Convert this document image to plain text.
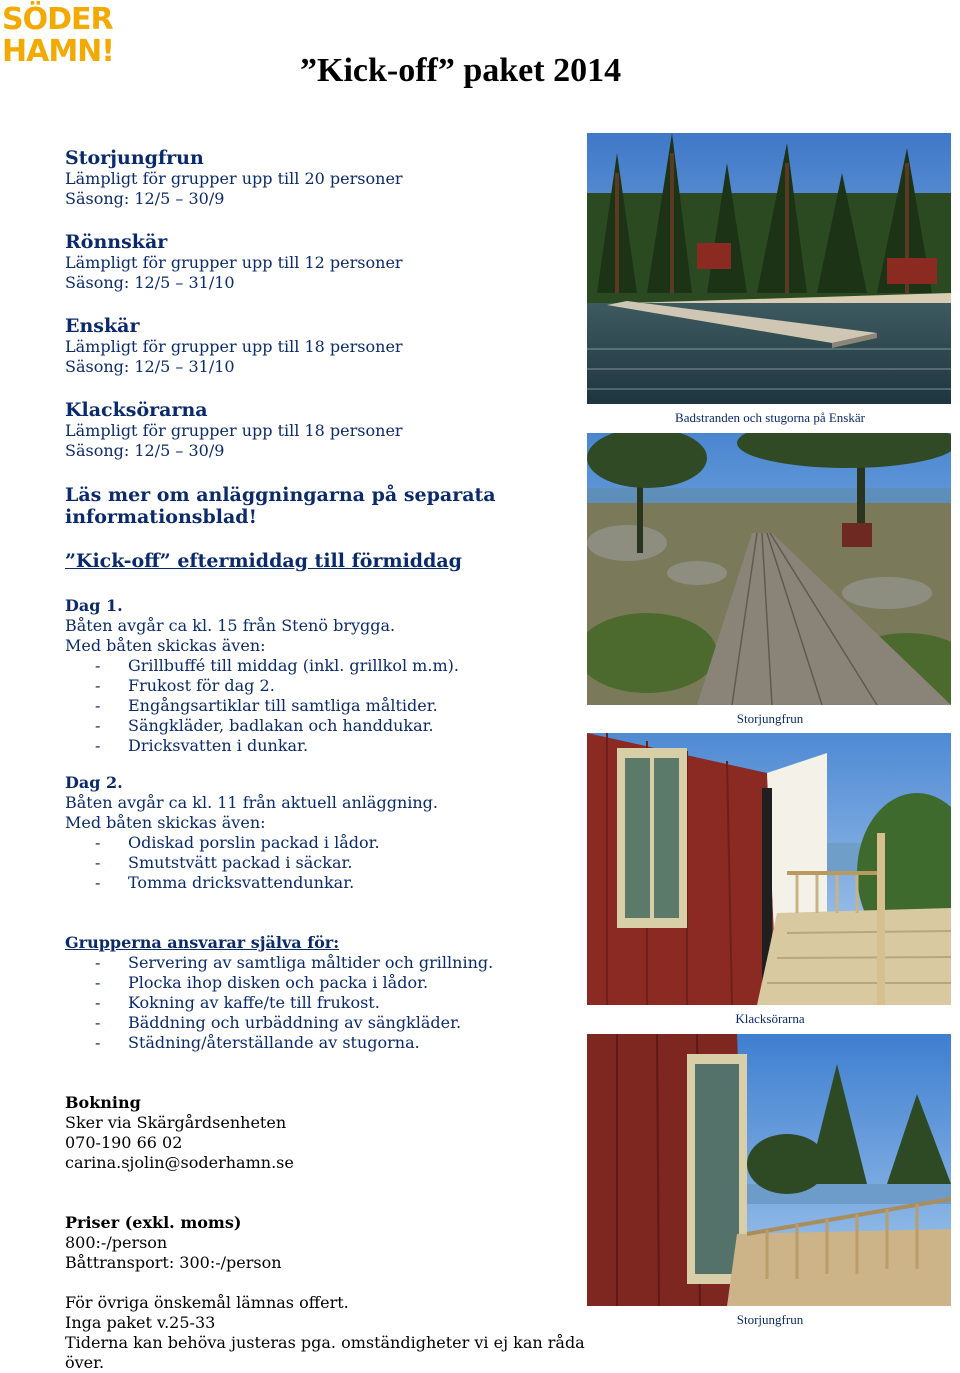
SÖDER
HAMN!
”Kick-off” paket 2014
Storjungfrun
Lämpligt för grupper upp till 20 personer
Säsong: 12/5 – 30/9
Rönnskär
Lämpligt för grupper upp till 12 personer
Säsong: 12/5 – 31/10
Enskär
Lämpligt för grupper upp till 18 personer
Säsong: 12/5 – 31/10
Klacksörarna
Lämpligt för grupper upp till 18 personer
Säsong: 12/5 – 30/9
Läs mer om anläggningarna på separata informationsblad!
”Kick-off” eftermiddag till förmiddag
Dag 1.
Båten avgår ca kl. 15 från Stenö brygga.
Med båten skickas även:
- Grillbuffé till middag (inkl. grillkol m.m).
- Frukost för dag 2.
- Engångsartiklar till samtliga måltider.
- Sängkläder, badlakan och handdukar.
- Dricksvatten i dunkar.
Dag 2.
Båten avgår ca kl. 11 från aktuell anläggning.
Med båten skickas även:
- Odiskad porslin packad i lådor.
- Smutstvätt packad i säckar.
- Tomma dricksvattendunkar.
Grupperna ansvarar själva för:
- Servering av samtliga måltider och grillning.
- Plocka ihop disken och packa i lådor.
- Kokning av kaffe/te till frukost.
- Bäddning och urbäddning av sängkläder.
- Städning/återställande av stugorna.
Bokning
Sker via Skärgårdsenheten
070-190 66 02
carina.sjolin@soderhamn.se
Priser (exkl. moms)
800:-/person
Båttransport: 300:-/person
För övriga önskemål lämnas offert.
Inga paket v.25-33
Tiderna kan behöva justeras pga. omständigheter vi ej kan råda över.
Badstranden och stugorna på Enskär
Storjungfrun
Klacksörarna
Storjungfrun
